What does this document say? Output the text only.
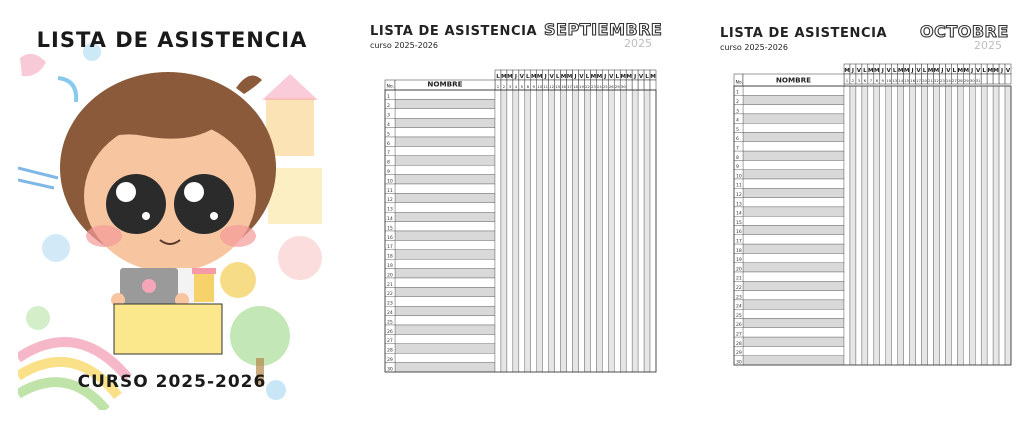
LISTA DE ASISTENCIA
CURSO 2025-2026
LISTA DE ASISTENCIA
curso 2025-2026
SEPTIEMBRE
2025
1
2
3
4
5
6
7
8
9
10
11
12
13
14
15
16
17
18
19
20
21
22
23
24
25
26
27
28
29
30
L
1
M
2
M
3
J
4
V
5
L
8
M
9
M
10
J
11
V
12
L
15
M
16
M
17
J
18
V
19
L
22
M
23
M
24
J
25
V
26
L
29
M
30
M J V L M
No.	NOMBRE
LISTA DE ASISTENCIA
curso 2025-2026
OCTOBRE
2025
1
2
3
4
5
6
7
8
9
10
11
12
13
14
15
16
17
18
19
20
21
22
23
24
25
26
27
28
29
30
M
1
J
2
V
3
L
6
M
7
M
8
J
9
V
10
L
13
M
14
M
15
J
16
V
17
L
20
M
21
M
22
J
23
V
24
L
27
M
28
M
29
J
30
V
31
L M M J V
No.	NOMBRE
